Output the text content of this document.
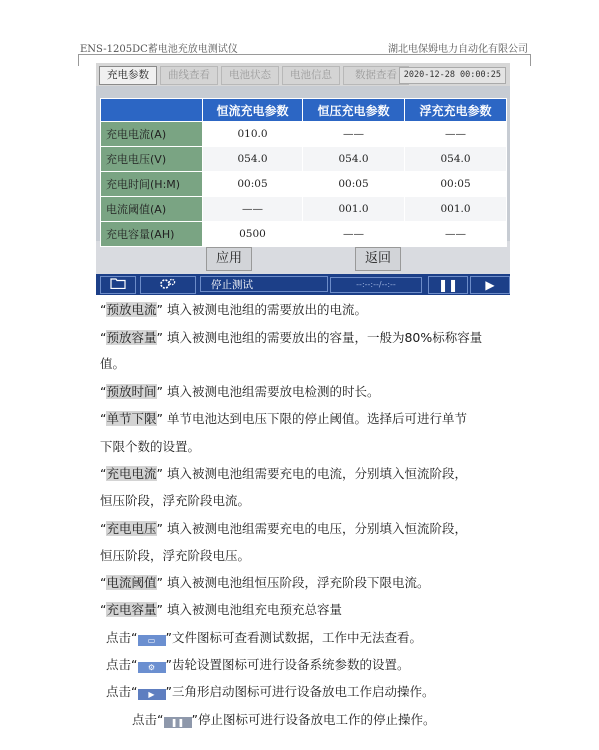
ENS-1205DC蓄电池充放电测试仪	湖北电保姆电力自动化有限公司
充电参数	曲线查看	电池状态	电池信息	数据查看 2020-12-28 00:00:25
	恒流充电参数	恒压充电参数	浮充充电参数
充电电流(A)	010.0	——	——
充电电压(V)	054.0	054.0	054.0
充电时间(H:M)	00:05	00:05	00:05
电流阈值(A)	——	001.0	001.0
充电容量(AH)	0500	——	——
应用	返回
停止测试	--:--:--/--:--	❚❚	▶
“预放电流” 填入被测电池组的需要放出的电流。
“预放容量” 填入被测电池组的需要放出的容量，一般为80%标称容量
值。
“预放时间” 填入被测电池组需要放电检测的时长。
“单节下限” 单节电池达到电压下限的停止阈值。选择后可进行单节
下限个数的设置。
“充电电流” 填入被测电池组需要充电的电流，分别填入恒流阶段，
恒压阶段，浮充阶段电流。
“充电电压” 填入被测电池组需要充电的电压，分别填入恒流阶段，
恒压阶段，浮充阶段电压。
“电流阈值” 填入被测电池组恒压阶段，浮充阶段下限电流。
“充电容量” 填入被测电池组充电预充总容量
点击“ ▭ ”文件图标可查看测试数据，工作中无法查看。
点击“ ⚙ ”齿轮设置图标可进行设备系统参数的设置。
点击“ ▶ ”三角形启动图标可进行设备放电工作启动操作。
点击“ ❚❚ ”停止图标可进行设备放电工作的停止操作。
